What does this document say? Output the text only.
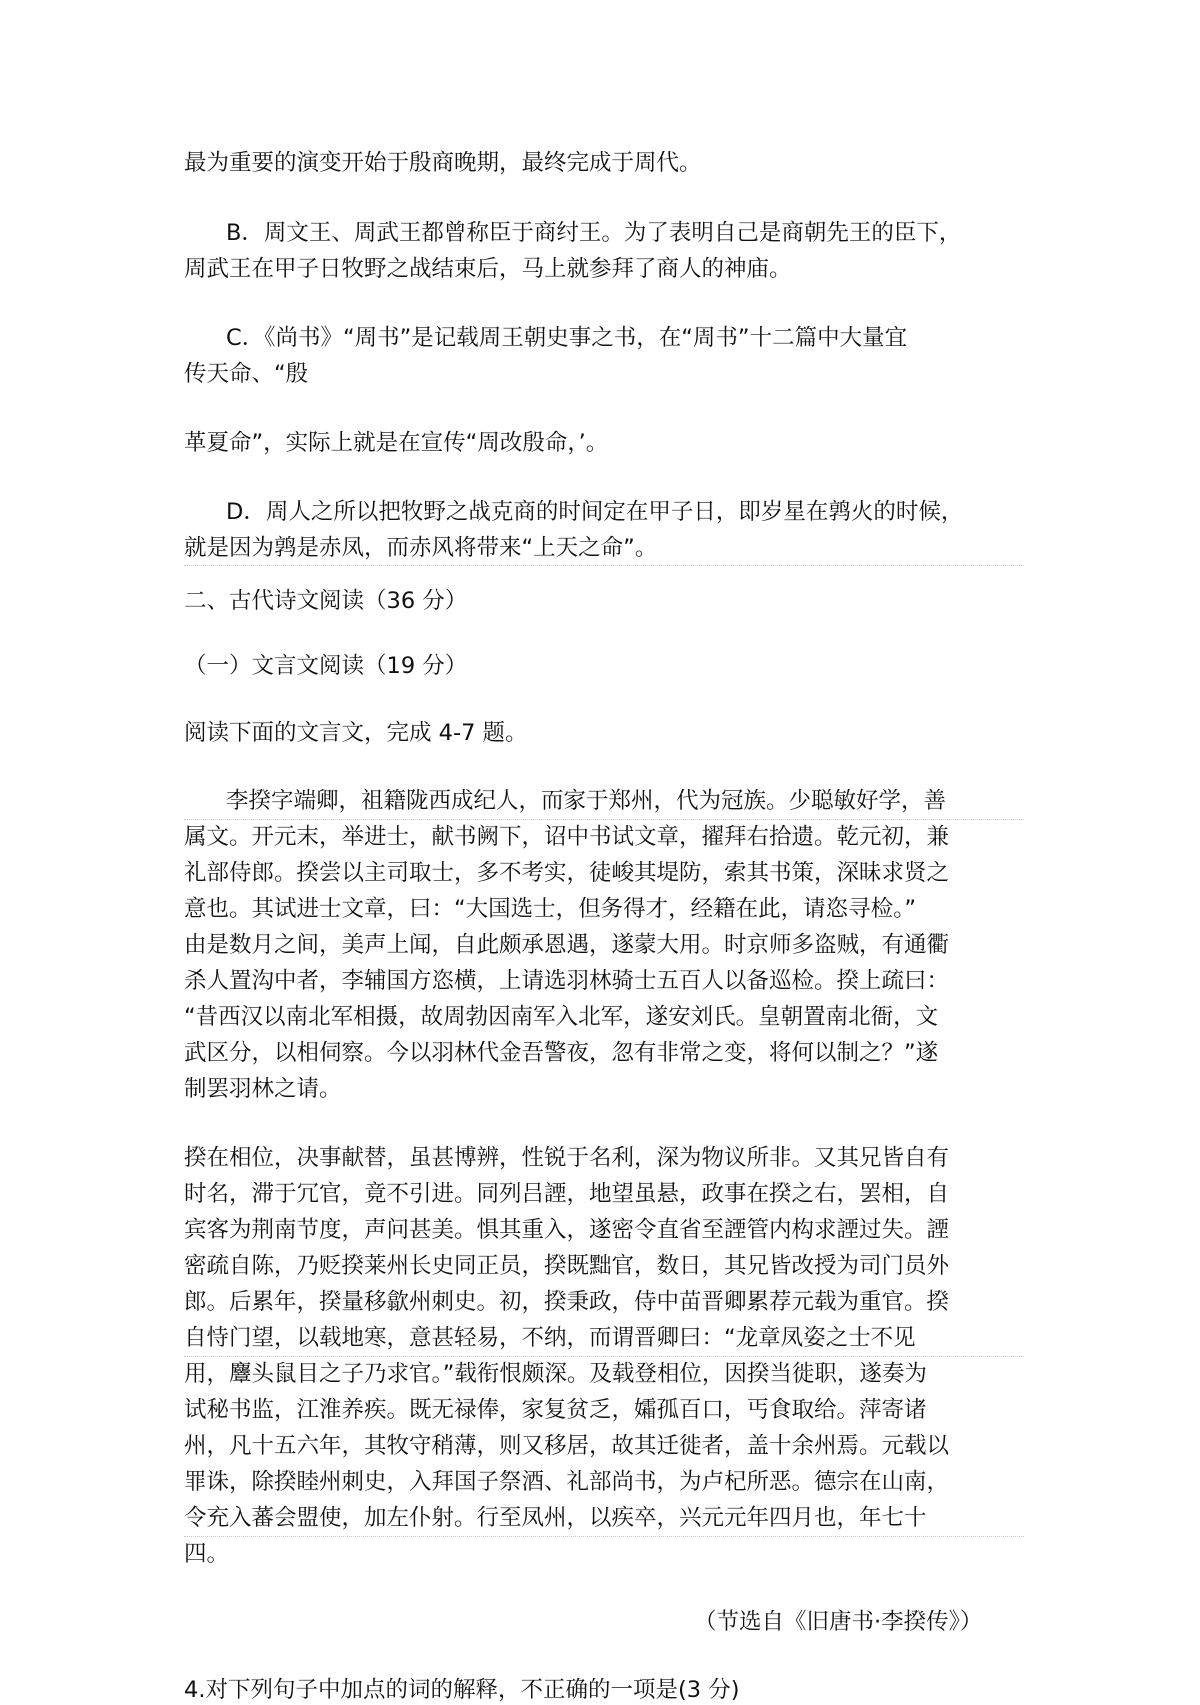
最为重要的演变开始于殷商晚期，最终完成于周代。
B．周文王、周武王都曾称臣于商纣王。为了表明自己是商朝先王的臣下，
周武王在甲子日牧野之战结束后，马上就参拜了商人的神庙。
C．《尚书》“周书”是记载周王朝史事之书，在“周书”十二篇中大量宜
传天命、“殷
革夏命”，实际上就是在宣传“周改殷命，’。
D．周人之所以把牧野之战克商的时间定在甲子日，即岁星在鹑火的时候，
就是因为鹑是赤凤，而赤风将带来“上天之命”。
二、古代诗文阅读（36 分）
（一）文言文阅读（19 分）
阅读下面的文言文，完成 4-7 题。
李揆字端卿，祖籍陇西成纪人，而家于郑州，代为冠族。少聪敏好学，善
属文。开元末，举进士，献书阙下，诏中书试文章，擢拜右拾遗。乾元初，兼
礼部侍郎。揆尝以主司取士，多不考实，徒峻其堤防，索其书策，深昧求贤之
意也。其试进士文章，曰：“大国选士，但务得才，经籍在此，请恣寻检。”
由是数月之间，美声上闻，自此颇承恩遇，遂蒙大用。时京师多盗贼，有通衢
杀人置沟中者，李辅国方恣横，上请选羽林骑士五百人以备巡检。揆上疏曰：
“昔西汉以南北军相摄，故周勃因南军入北军，遂安刘氏。皇朝置南北衙，文
武区分，以相伺察。今以羽林代金吾警夜，忽有非常之变，将何以制之？”遂
制罢羽林之请。
揆在相位，决事献替，虽甚博辨，性锐于名利，深为物议所非。又其兄皆自有
时名，滞于冗官，竟不引进。同列吕諲，地望虽悬，政事在揆之右，罢相，自
宾客为荆南节度，声问甚美。惧其重入，遂密令直省至諲管内构求諲过失。諲
密疏自陈，乃贬揆莱州长史同正员，揆既黜官，数日，其兄皆改授为司门员外
郎。后累年，揆量移歙州刺史。初，揆秉政，侍中苗晋卿累荐元载为重官。揆
自恃门望，以载地寒，意甚轻易，不纳，而谓晋卿曰：“龙章凤姿之士不见
用，麞头鼠目之子乃求官。”载衔恨颇深。及载登相位，因揆当徙职，遂奏为
试秘书监，江淮养疾。既无禄俸，家复贫乏，孀孤百口，丐食取给。萍寄诸
州，凡十五六年，其牧守稍薄，则又移居，故其迁徙者，盖十余州焉。元载以
罪诛，除揆睦州刺史，入拜国子祭酒、礼部尚书，为卢杞所恶。德宗在山南，
令充入蕃会盟使，加左仆射。行至凤州，以疾卒，兴元元年四月也，年七十
四。
（节选自《旧唐书·李揆传》）
4.对下列句子中加点的词的解释，不正确的一项是(3 分)
